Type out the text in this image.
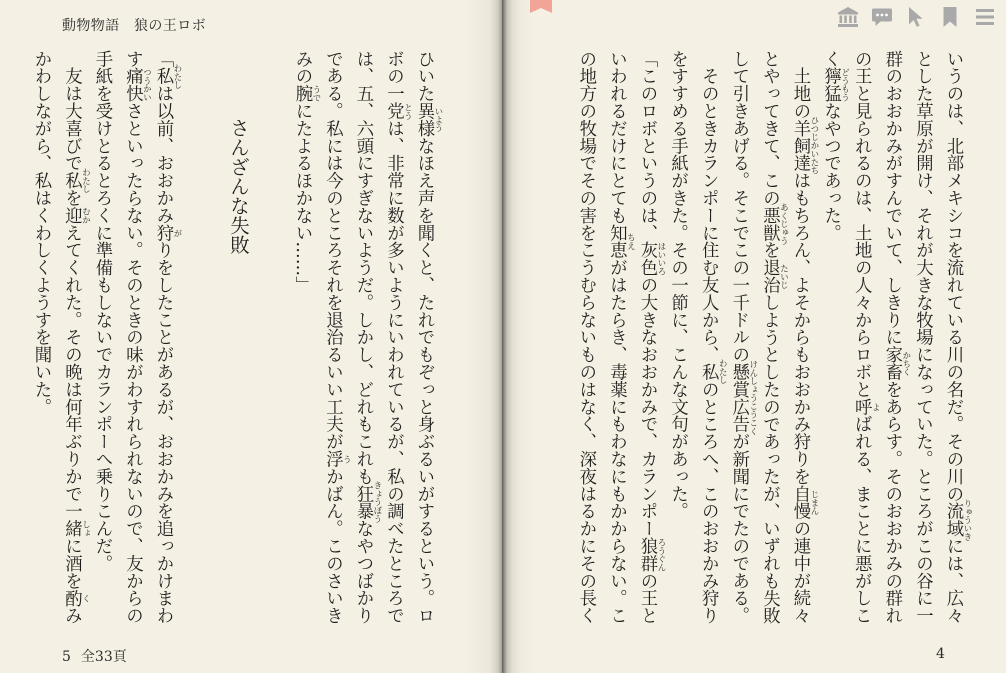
動物物語　狼の王ロボ
ひいた異様 いよう
なほえ声を聞くと、たれでもぞっと身ぶるいがするという。ロ
ボの一党 とう
は、非常に数が多いようにいわれているが、私の調べたところで
は、五、六頭にすぎないようだ。しかし、どれもこれも狂暴 きょうぼう
なやつばかり
である。私には今のところそれを退治るいい工夫が浮 う
かばん。このさいき
みの腕 うで
にたよるほかない……」
さんざんな失敗
「私 わたし
は以前、おおかみ狩 が
りをしたことがあるが、おおかみを追っかけまわ
す痛快 つうかい
さといったらない。そのときの味がわすれられないので、友からの
手紙を受けとるとろくに準備もしないでカランポーへ乗りこんだ。
　友は大喜びで私 わたし
を迎 むか
えてくれた。その晩は何年ぶりかで一緒 しょ
に酒を酌 く
み
かわしながら、私はくわしくようすを聞いた。
5 全33頁
いうのは、北部メキシコを流れている川の名だ。その川の流域 りゅういき
には、広々
とした草原が開け、それが大きな牧場になっていた。ところがこの谷に一
群のおおかみがすんでいて、しきりに家畜 かちく
をあらす。そのおおかみの群れ
の王と見られるのは、土地の人々からロボと呼 よ
ばれる、まことに悪がしこ
く獰猛 どうもう
なやつであった。
　土地の羊飼達 ひつじかいたち
はもちろん、よそからもおおかみ狩りを自慢 じまん
の連中が続々
とやってきて、この悪獣 あくじゅう
を退治 たいじ
しようとしたのであったが、いずれも失敗
して引きあげる。そこでこの一千ドルの懸賞広告 けんしょうこうこく
が新聞にでたのである。
　そのときカランポーに住む友人から、私 わたし
のところへ、このおおかみ狩り
をすすめる手紙がきた。その一節に、こんな文句があった。
「このロボというのは、灰色 はいいろ
の大きなおおかみで、カランポー狼群 ろうぐん
の王と
いわれるだけにとても知恵 ちえ
がはたらき、毒薬にもわなにもかからない。こ
の地方の牧場でその害をこうむらないものはなく、深夜はるかにその長く
4
